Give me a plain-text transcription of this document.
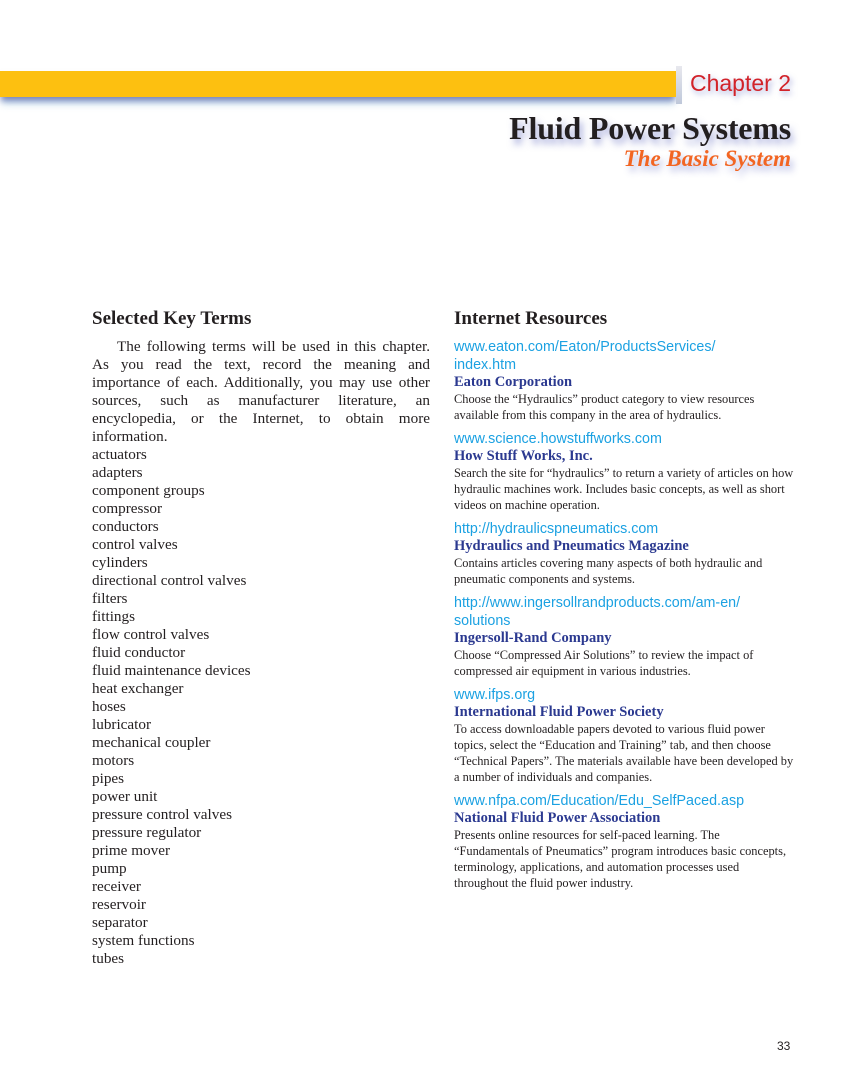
Chapter 2
Fluid Power Systems
The Basic System
Selected Key Terms

The following terms will be used in this chapter. As you read the text, record the meaning and importance of each. Additionally, you may use other sources, such as manufacturer literature, an encyclopedia, or the Internet, to obtain more information.

actuators
adapters
component groups
compressor
conductors
control valves
cylinders
directional control valves
filters
fittings
flow control valves
fluid conductor
fluid maintenance devices
heat exchanger
hoses
lubricator
mechanical coupler
motors
pipes
power unit
pressure control valves
pressure regulator
prime mover
pump
receiver
reservoir
separator
system functions
tubes
Internet Resources
www.eaton.com/Eaton/ProductsServices/
index.htm
Eaton Corporation

Choose the “Hydraulics” product category to view resources available from this company in the area of hydraulics.

www.science.howstuffworks.com
How Stuff Works, Inc.

Search the site for “hydraulics” to return a variety of articles on how hydraulic machines work. Includes basic concepts, as well as short videos on machine operation.

http://hydraulicspneumatics.com
Hydraulics and Pneumatics Magazine

Contains articles covering many aspects of both hydraulic and pneumatic components and systems.

http://www.ingersollrandproducts.com/am-en/
solutions
Ingersoll-Rand Company

Choose “Compressed Air Solutions” to review the impact of compressed air equipment in various industries.

www.ifps.org
International Fluid Power Society

To access downloadable papers devoted to various fluid power topics, select the “Education and Training” tab, and then choose “Technical Papers”. The materials available have been developed by a number of individuals and companies.

www.nfpa.com/Education/Edu_SelfPaced.asp
National Fluid Power Association

Presents online resources for self-paced learning. The “Fundamentals of Pneumatics” program introduces basic concepts, terminology, applications, and automation processes used throughout the fluid power industry.

33
